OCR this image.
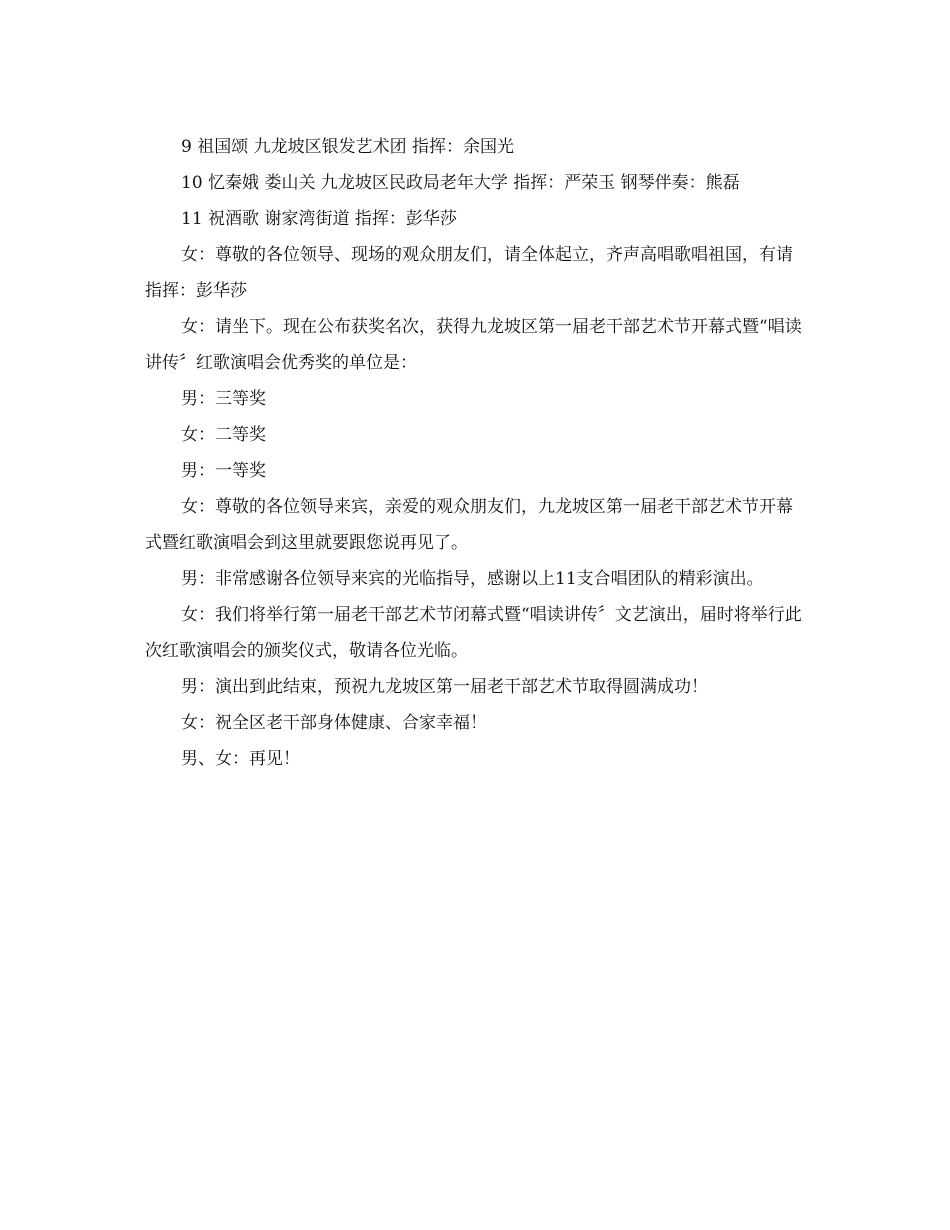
9 祖国颂 九龙坡区银发艺术团 指挥：余国光

10 忆秦娥 娄山关 九龙坡区民政局老年大学 指挥：严荣玉 钢琴伴奏：熊磊

11 祝酒歌 谢家湾街道 指挥：彭华莎

女：尊敬的各位领导、现场的观众朋友们，请全体起立，齐声高唱歌唱祖国，有请指挥：彭华莎

女：请坐下。现在公布获奖名次，获得九龙坡区第一届老干部艺术节开幕式暨“唱读讲传〞红歌演唱会优秀奖的单位是：

男：三等奖

女：二等奖

男：一等奖

女：尊敬的各位领导来宾，亲爱的观众朋友们，九龙坡区第一届老干部艺术节开幕式暨红歌演唱会到这里就要跟您说再见了。

男：非常感谢各位领导来宾的光临指导，感谢以上11支合唱团队的精彩演出。

女：我们将举行第一届老干部艺术节闭幕式暨“唱读讲传〞文艺演出，届时将举行此次红歌演唱会的颁奖仪式，敬请各位光临。

男：演出到此结束，预祝九龙坡区第一届老干部艺术节取得圆满成功！

女：祝全区老干部身体健康、合家幸福！

男、女：再见！
